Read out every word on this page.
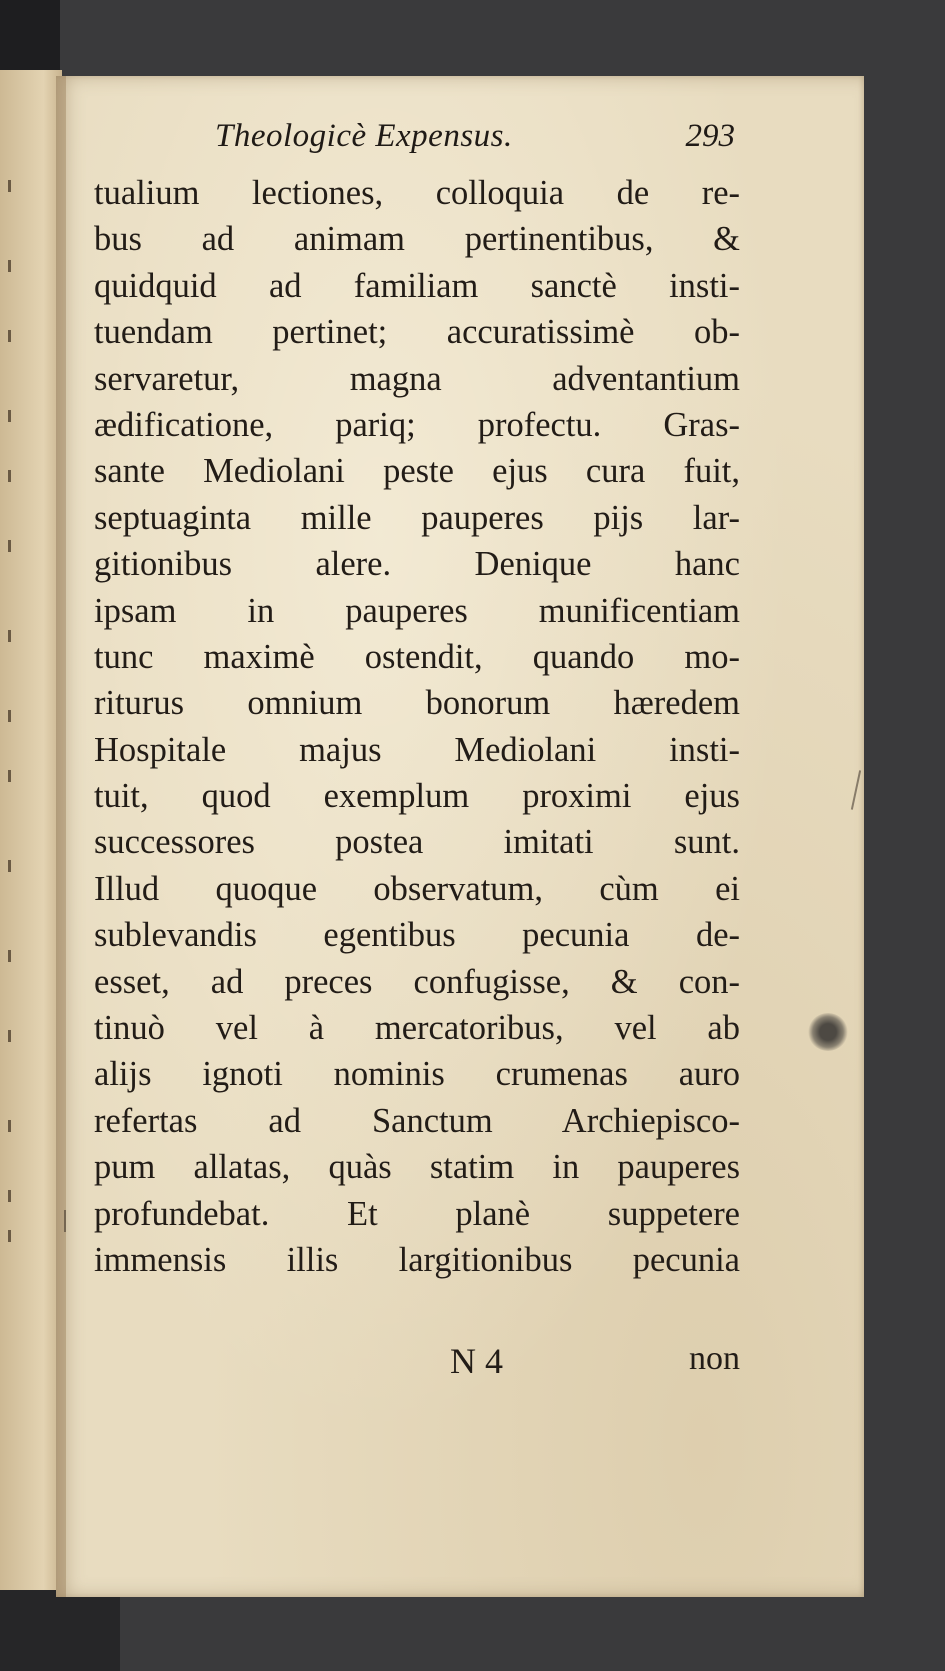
Theologicè Expensus.	293
tualium lectiones, colloquia de re-
bus ad animam pertinentibus, &
quidquid ad familiam sanctè insti-
tuendam pertinet; accuratissimè ob-
servaretur, magna adventantium
ædificatione, pariq; profectu. Gras-
sante Mediolani peste ejus cura fuit,
septuaginta mille pauperes pijs lar-
gitionibus alere. Denique hanc
ipsam in pauperes munificentiam
tunc maximè ostendit, quando mo-
riturus omnium bonorum hæredem
Hospitale majus Mediolani insti-
tuit, quod exemplum proximi ejus
successores postea imitati sunt.
Illud quoque observatum, cùm ei
sublevandis egentibus pecunia de-
esset, ad preces confugisse, & con-
tinuò vel à mercatoribus, vel ab
alijs ignoti nominis crumenas auro
refertas ad Sanctum Archiepisco-
pum allatas, quàs statim in pauperes
profundebat. Et planè suppetere
immensis illis largitionibus pecunia
N 4	non
